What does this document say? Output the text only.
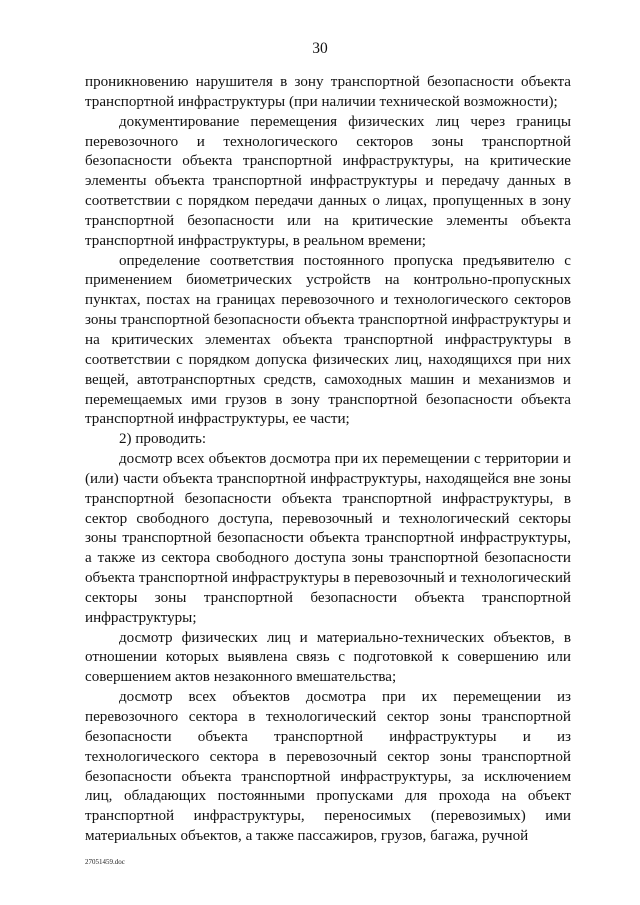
30

проникновению нарушителя в зону транспортной безопасности объекта транспортной инфраструктуры (при наличии технической возможности);

документирование перемещения физических лиц через границы перевозочного и технологического секторов зоны транспортной безопасности объекта транспортной инфраструктуры, на критические элементы объекта транспортной инфраструктуры и передачу данных в соответствии с порядком передачи данных о лицах, пропущенных в зону транспортной безопасности или на критические элементы объекта транспортной инфраструктуры, в реальном времени;

определение соответствия постоянного пропуска предъявителю с применением биометрических устройств на контрольно-пропускных пунктах, постах на границах перевозочного и технологического секторов зоны транспортной безопасности объекта транспортной инфраструктуры и на критических элементах объекта транспортной инфраструктуры в соответствии с порядком допуска физических лиц, находящихся при них вещей, автотранспортных средств, самоходных машин и механизмов и перемещаемых ими грузов в зону транспортной безопасности объекта транспортной инфраструктуры, ее части;

2) проводить:

досмотр всех объектов досмотра при их перемещении с территории и (или) части объекта транспортной инфраструктуры, находящейся вне зоны транспортной безопасности объекта транспортной инфраструктуры, в сектор свободного доступа, перевозочный и технологический секторы зоны транспортной безопасности объекта транспортной инфраструктуры, а также из сектора свободного доступа зоны транспортной безопасности объекта транспортной инфраструктуры в перевозочный и технологический секторы зоны транспортной безопасности объекта транспортной инфраструктуры;

досмотр физических лиц и материально-технических объектов, в отношении которых выявлена связь с подготовкой к совершению или совершением актов незаконного вмешательства;

досмотр всех объектов досмотра при их перемещении из перевозочного сектора в технологический сектор зоны транспортной безопасности объекта транспортной инфраструктуры и из технологического сектора в перевозочный сектор зоны транспортной безопасности объекта транспортной инфраструктуры, за исключением лиц, обладающих постоянными пропусками для прохода на объект транспортной инфраструктуры, переносимых (перевозимых) ими материальных объектов, а также пассажиров, грузов, багажа, ручной

27051459.doc
